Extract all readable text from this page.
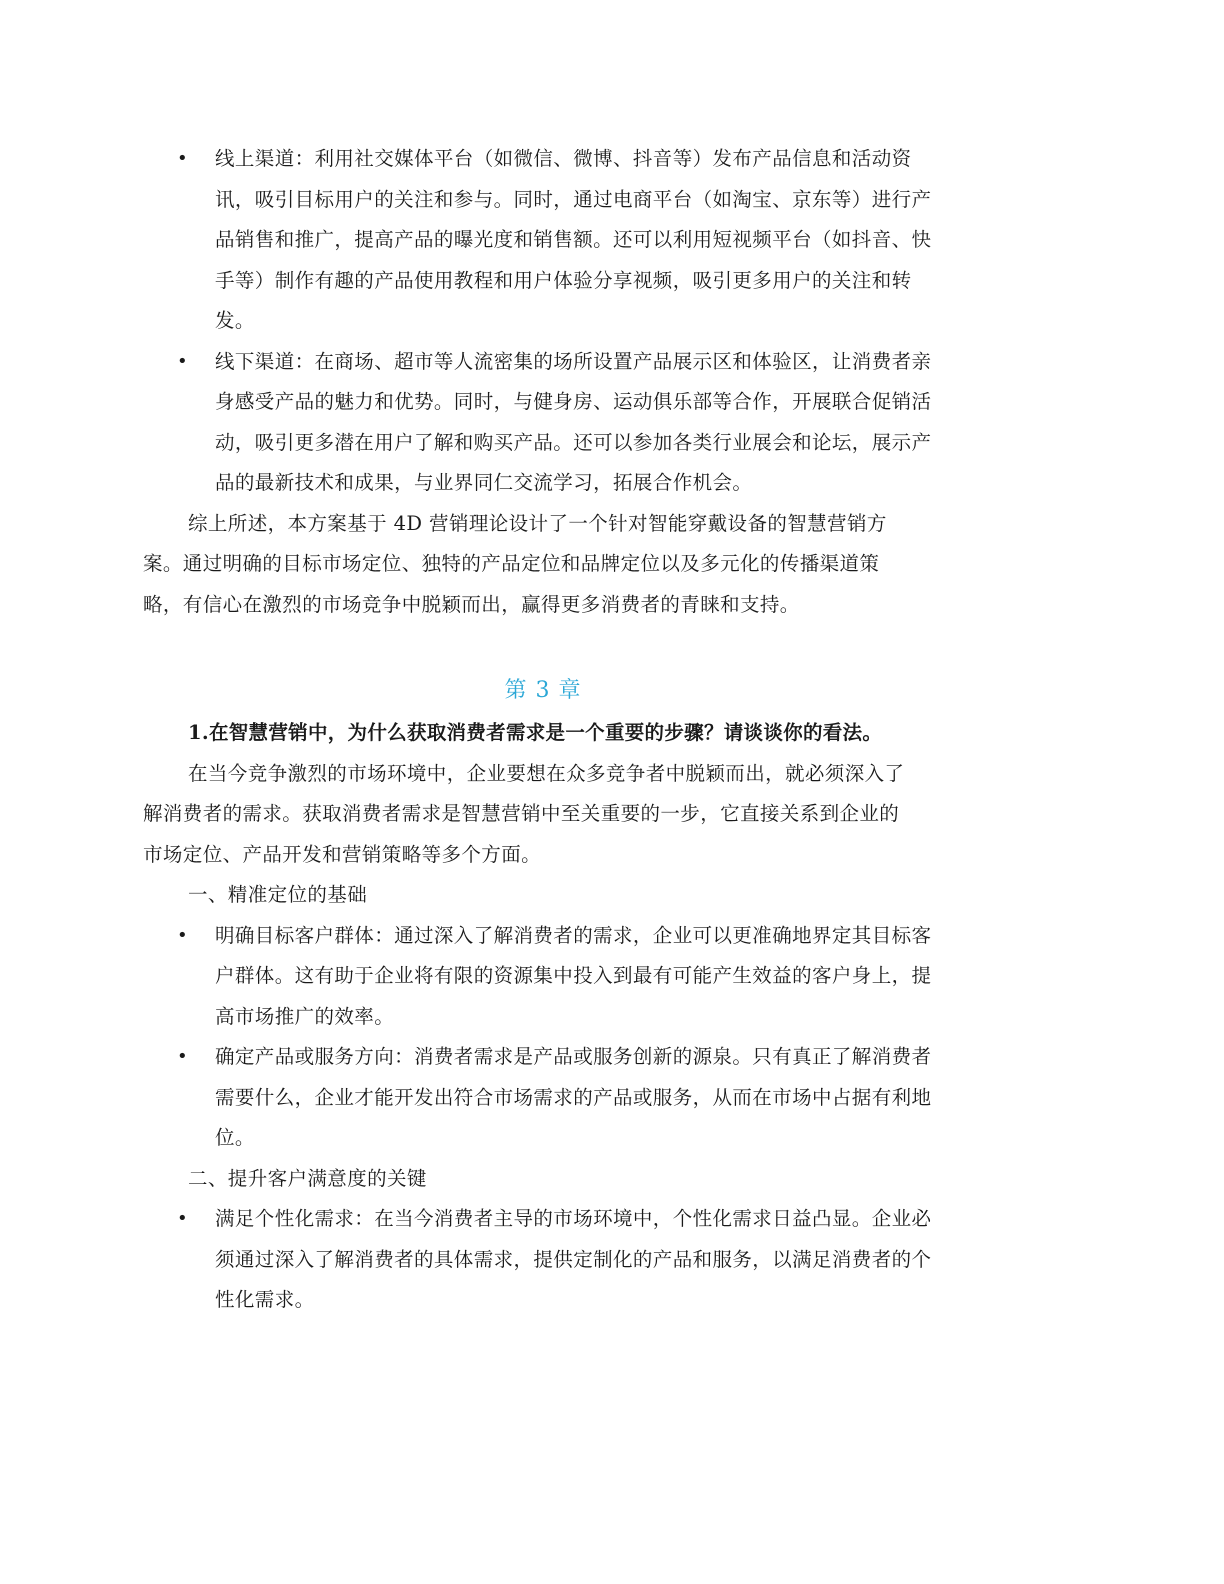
• 线上渠道：利用社交媒体平台（如微信、微博、抖音等）发布产品信息和活动资讯，吸引目标用户的关注和参与。同时，通过电商平台（如淘宝、京东等）进行产品销售和推广，提高产品的曝光度和销售额。还可以利用短视频平台（如抖音、快手等）制作有趣的产品使用教程和用户体验分享视频，吸引更多用户的关注和转发。
• 线下渠道：在商场、超市等人流密集的场所设置产品展示区和体验区，让消费者亲身感受产品的魅力和优势。同时，与健身房、运动俱乐部等合作，开展联合促销活动，吸引更多潜在用户了解和购买产品。还可以参加各类行业展会和论坛，展示产品的最新技术和成果，与业界同仁交流学习，拓展合作机会。

综上所述，本方案基于 4D 营销理论设计了一个针对智能穿戴设备的智慧营销方案。通过明确的目标市场定位、独特的产品定位和品牌定位以及多元化的传播渠道策略，有信心在激烈的市场竞争中脱颖而出，赢得更多消费者的青睐和支持。

第 3 章
1.在智慧营销中，为什么获取消费者需求是一个重要的步骤？请谈谈你的看法。

在当今竞争激烈的市场环境中，企业要想在众多竞争者中脱颖而出，就必须深入了解消费者的需求。获取消费者需求是智慧营销中至关重要的一步，它直接关系到企业的市场定位、产品开发和营销策略等多个方面。

一、精准定位的基础
• 明确目标客户群体：通过深入了解消费者的需求，企业可以更准确地界定其目标客户群体。这有助于企业将有限的资源集中投入到最有可能产生效益的客户身上，提高市场推广的效率。
• 确定产品或服务方向：消费者需求是产品或服务创新的源泉。只有真正了解消费者需要什么，企业才能开发出符合市场需求的产品或服务，从而在市场中占据有利地位。
二、提升客户满意度的关键
• 满足个性化需求：在当今消费者主导的市场环境中，个性化需求日益凸显。企业必须通过深入了解消费者的具体需求，提供定制化的产品和服务，以满足消费者的个性化需求。
